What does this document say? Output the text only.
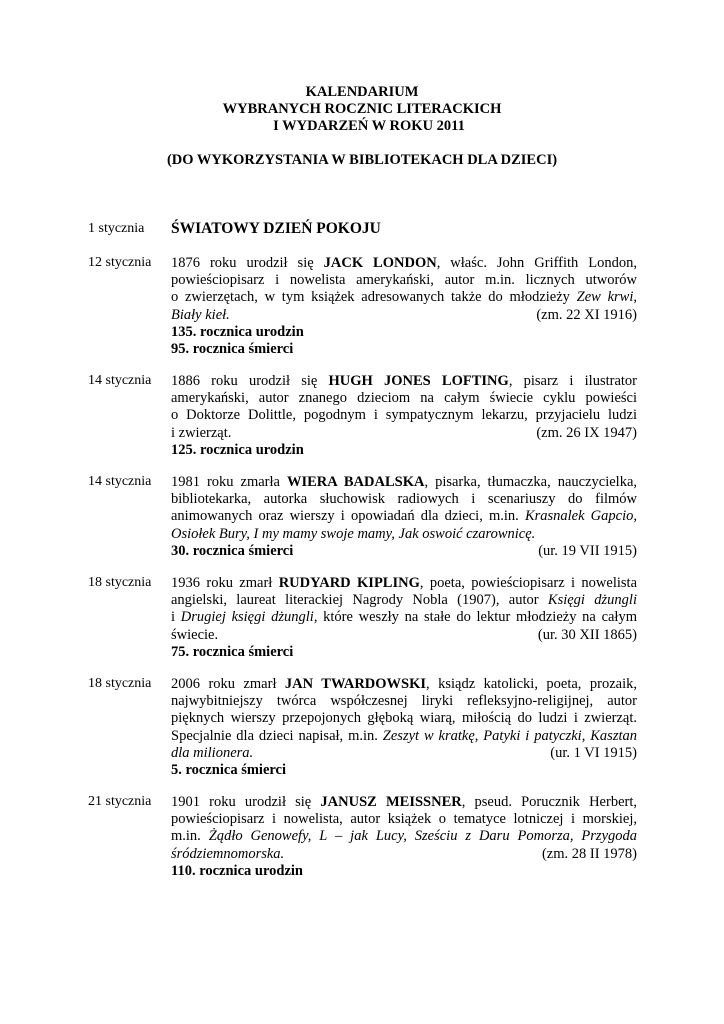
KALENDARIUM
WYBRANYCH ROCZNIC LITERACKICH
I WYDARZEŃ W ROKU 2011
(DO WYKORZYSTANIA W BIBLIOTEKACH DLA DZIECI)
1 stycznia	ŚWIATOWY DZIEŃ POKOJU
12 stycznia	1876 roku urodził się JACK LONDON, właśc. John Griffith London,
powieściopisarz i nowelista amerykański, autor m.in. licznych utworów
o zwierzętach, w tym książek adresowanych także do młodzieży Zew krwi,
Biały kieł.	(zm. 22 XI 1916)
135. rocznica urodzin
95. rocznica śmierci
14 stycznia	1886 roku urodził się HUGH JONES LOFTING, pisarz i ilustrator
amerykański, autor znanego dzieciom na całym świecie cyklu powieści
o Doktorze Dolittle, pogodnym i sympatycznym lekarzu, przyjacielu ludzi
i zwierząt.	(zm. 26 IX 1947)
125. rocznica urodzin
14 stycznia	1981 roku zmarła WIERA BADALSKA, pisarka, tłumaczka, nauczycielka,
bibliotekarka, autorka słuchowisk radiowych i scenariuszy do filmów
animowanych oraz wierszy i opowiadań dla dzieci, m.in. Krasnalek Gapcio,
Osiołek Bury, I my mamy swoje mamy, Jak oswoić czarownicę.
30. rocznica śmierci	(ur. 19 VII 1915)
18 stycznia	1936 roku zmarł RUDYARD KIPLING, poeta, powieściopisarz i nowelista
angielski, laureat literackiej Nagrody Nobla (1907), autor Księgi dżungli
i Drugiej księgi dżungli, które weszły na stałe do lektur młodzieży na całym
świecie.	(ur. 30 XII 1865)
75. rocznica śmierci
18 stycznia	2006 roku zmarł JAN TWARDOWSKI, ksiądz katolicki, poeta, prozaik,
najwybitniejszy twórca współczesnej liryki refleksyjno-religijnej, autor
pięknych wierszy przepojonych głęboką wiarą, miłością do ludzi i zwierząt.
Specjalnie dla dzieci napisał, m.in. Zeszyt w kratkę, Patyki i patyczki, Kasztan
dla milionera.	(ur. 1 VI 1915)
5. rocznica śmierci
21 stycznia	1901 roku urodził się JANUSZ MEISSNER, pseud. Porucznik Herbert,
powieściopisarz i nowelista, autor książek o tematyce lotniczej i morskiej,
m.in. Żądło Genowefy, L – jak Lucy, Sześciu z Daru Pomorza, Przygoda
śródziemnomorska.	(zm. 28 II 1978)
110. rocznica urodzin
